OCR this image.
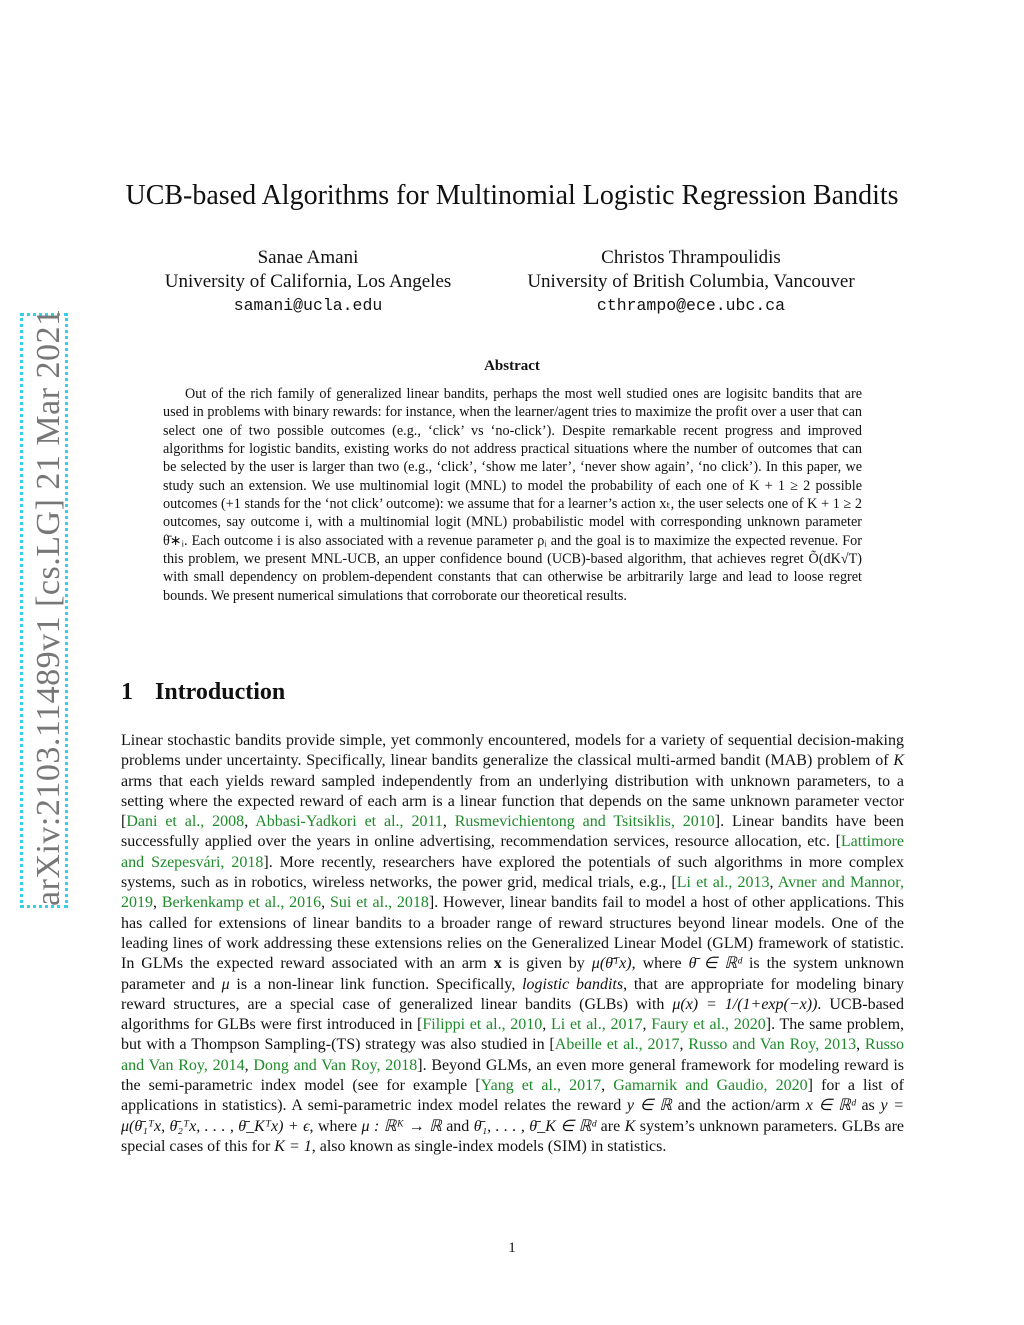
arXiv:2103.11489v1 [cs.LG] 21 Mar 2021
UCB-based Algorithms for Multinomial Logistic Regression Bandits
Sanae Amani
University of California, Los Angeles
samani@ucla.edu
Christos Thrampoulidis
University of British Columbia, Vancouver
cthrampo@ece.ubc.ca
Abstract

Out of the rich family of generalized linear bandits, perhaps the most well studied ones are logisitc bandits that are used in problems with binary rewards: for instance, when the learner/agent tries to maximize the profit over a user that can select one of two possible outcomes (e.g., ‘click’ vs ‘no-click’). Despite remarkable recent progress and improved algorithms for logistic bandits, existing works do not address practical situations where the number of outcomes that can be selected by the user is larger than two (e.g., ‘click’, ‘show me later’, ‘never show again’, ‘no click’). In this paper, we study such an extension. We use multinomial logit (MNL) to model the probability of each one of K + 1 ≥ 2 possible outcomes (+1 stands for the ‘not click’ outcome): we assume that for a learner’s action xₜ, the user selects one of K + 1 ≥ 2 outcomes, say outcome i, with a multinomial logit (MNL) probabilistic model with corresponding unknown parameter θ̄∗ᵢ. Each outcome i is also associated with a revenue parameter ρᵢ and the goal is to maximize the expected revenue. For this problem, we present MNL-UCB, an upper confidence bound (UCB)-based algorithm, that achieves regret Õ(dK√T) with small dependency on problem-dependent constants that can otherwise be arbitrarily large and lead to loose regret bounds. We present numerical simulations that corroborate our theoretical results.

1 Introduction

Linear stochastic bandits provide simple, yet commonly encountered, models for a variety of sequential decision-making problems under uncertainty. Specifically, linear bandits generalize the classical multi-armed bandit (MAB) problem of K arms that each yields reward sampled independently from an underlying distribution with unknown parameters, to a setting where the expected reward of each arm is a linear function that depends on the same unknown parameter vector [Dani et al., 2008, Abbasi-Yadkori et al., 2011, Rusmevichientong and Tsitsiklis, 2010]. Linear bandits have been successfully applied over the years in online advertising, recommendation services, resource allocation, etc. [Lattimore and Szepesvári, 2018]. More recently, researchers have explored the potentials of such algorithms in more complex systems, such as in robotics, wireless networks, the power grid, medical trials, e.g., [Li et al., 2013, Avner and Mannor, 2019, Berkenkamp et al., 2016, Sui et al., 2018]. However, linear bandits fail to model a host of other applications. This has called for extensions of linear bandits to a broader range of reward structures beyond linear models. One of the leading lines of work addressing these extensions relies on the Generalized Linear Model (GLM) framework of statistic. In GLMs the expected reward associated with an arm x is given by μ(θ̄ᵀx), where θ̄ ∈ ℝᵈ is the system unknown parameter and μ is a non-linear link function. Specifically, logistic bandits, that are appropriate for modeling binary reward structures, are a special case of generalized linear bandits (GLBs) with μ(x) = 1/(1+exp(−x)). UCB-based algorithms for GLBs were first introduced in [Filippi et al., 2010, Li et al., 2017, Faury et al., 2020]. The same problem, but with a Thompson Sampling-(TS) strategy was also studied in [Abeille et al., 2017, Russo and Van Roy, 2013, Russo and Van Roy, 2014, Dong and Van Roy, 2018]. Beyond GLMs, an even more general framework for modeling reward is the semi-parametric index model (see for example [Yang et al., 2017, Gamarnik and Gaudio, 2020] for a list of applications in statistics). A semi-parametric index model relates the reward y ∈ ℝ and the action/arm x ∈ ℝᵈ as y = μ(θ̄₁ᵀx, θ̄₂ᵀx, . . . , θ̄_Kᵀx) + ϵ, where μ : ℝᴷ → ℝ and θ̄₁, . . . , θ̄_K ∈ ℝᵈ are K system’s unknown parameters. GLBs are special cases of this for K = 1, also known as single-index models (SIM) in statistics.

1
